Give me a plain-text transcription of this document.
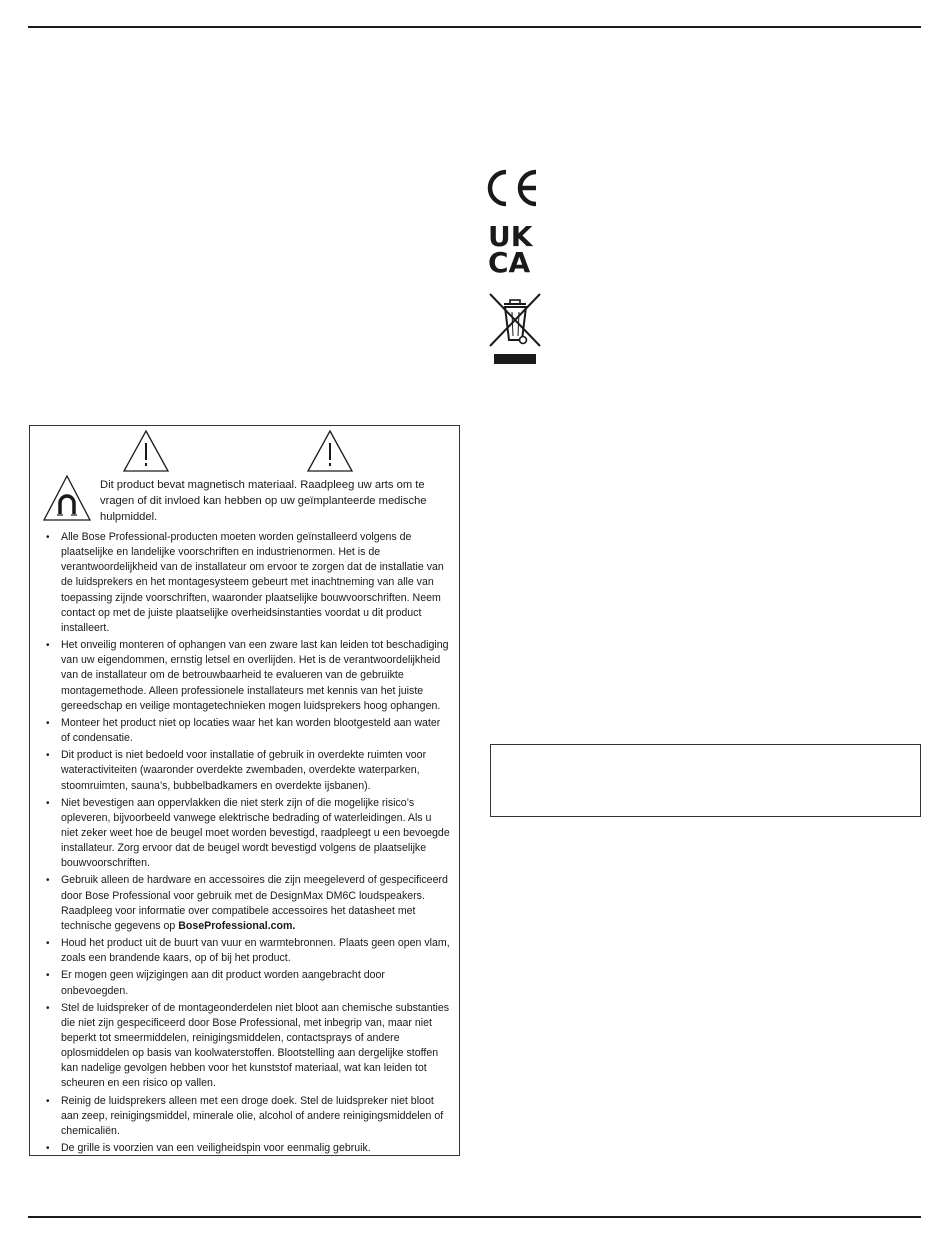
UK
CA
Dit product bevat magnetisch materiaal. Raadpleeg uw arts om te vragen of dit invloed kan hebben op uw geïmplanteerde medische hulpmiddel.
• Alle Bose Professional-producten moeten worden geïnstalleerd volgens de plaatselijke en landelijke voorschriften en industrienormen. Het is de verantwoordelijkheid van de installateur om ervoor te zorgen dat de installatie van de luidsprekers en het montagesysteem gebeurt met inachtneming van alle van toepassing zijnde voorschriften, waaronder plaatselijke bouwvoorschriften. Neem contact op met de juiste plaatselijke overheidsinstanties voordat u dit product installeert.
• Het onveilig monteren of ophangen van een zware last kan leiden tot beschadiging van uw eigendommen, ernstig letsel en overlijden. Het is de verantwoordelijkheid van de installateur om de betrouwbaarheid te evalueren van de gebruikte montagemethode. Alleen professionele installateurs met kennis van het juiste gereedschap en veilige montagetechnieken mogen luidsprekers hoog ophangen.
• Monteer het product niet op locaties waar het kan worden blootgesteld aan water of condensatie.
• Dit product is niet bedoeld voor installatie of gebruik in overdekte ruimten voor wateractiviteiten (waaronder overdekte zwembaden, overdekte waterparken, stoomruimten, sauna’s, bubbelbadkamers en overdekte ijsbanen).
• Niet bevestigen aan oppervlakken die niet sterk zijn of die mogelijke risico’s opleveren, bijvoorbeeld vanwege elektrische bedrading of waterleidingen. Als u niet zeker weet hoe de beugel moet worden bevestigd, raadpleegt u een bevoegde installateur. Zorg ervoor dat de beugel wordt bevestigd volgens de plaatselijke bouwvoorschriften.
• Gebruik alleen de hardware en accessoires die zijn meegeleverd of gespecificeerd door Bose Professional voor gebruik met de DesignMax DM6C loudspeakers. Raadpleeg voor informatie over compatibele accessoires het datasheet met technische gegevens op BoseProfessional.com.
• Houd het product uit de buurt van vuur en warmtebronnen. Plaats geen open vlam, zoals een brandende kaars, op of bij het product.
• Er mogen geen wijzigingen aan dit product worden aangebracht door onbevoegden.
• Stel de luidspreker of de montageonderdelen niet bloot aan chemische substanties die niet zijn gespecificeerd door Bose Professional, met inbegrip van, maar niet beperkt tot smeermiddelen, reinigingsmiddelen, contactsprays of andere oplosmiddelen op basis van koolwaterstoffen. Blootstelling aan dergelijke stoffen kan nadelige gevolgen hebben voor het kunststof materiaal, wat kan leiden tot scheuren en een risico op vallen.
• Reinig de luidsprekers alleen met een droge doek. Stel de luidspreker niet bloot aan zeep, reinigingsmiddel, minerale olie, alcohol of andere reinigingsmiddelen of chemicaliën.
• De grille is voorzien van een veiligheidspin voor eenmalig gebruik.
